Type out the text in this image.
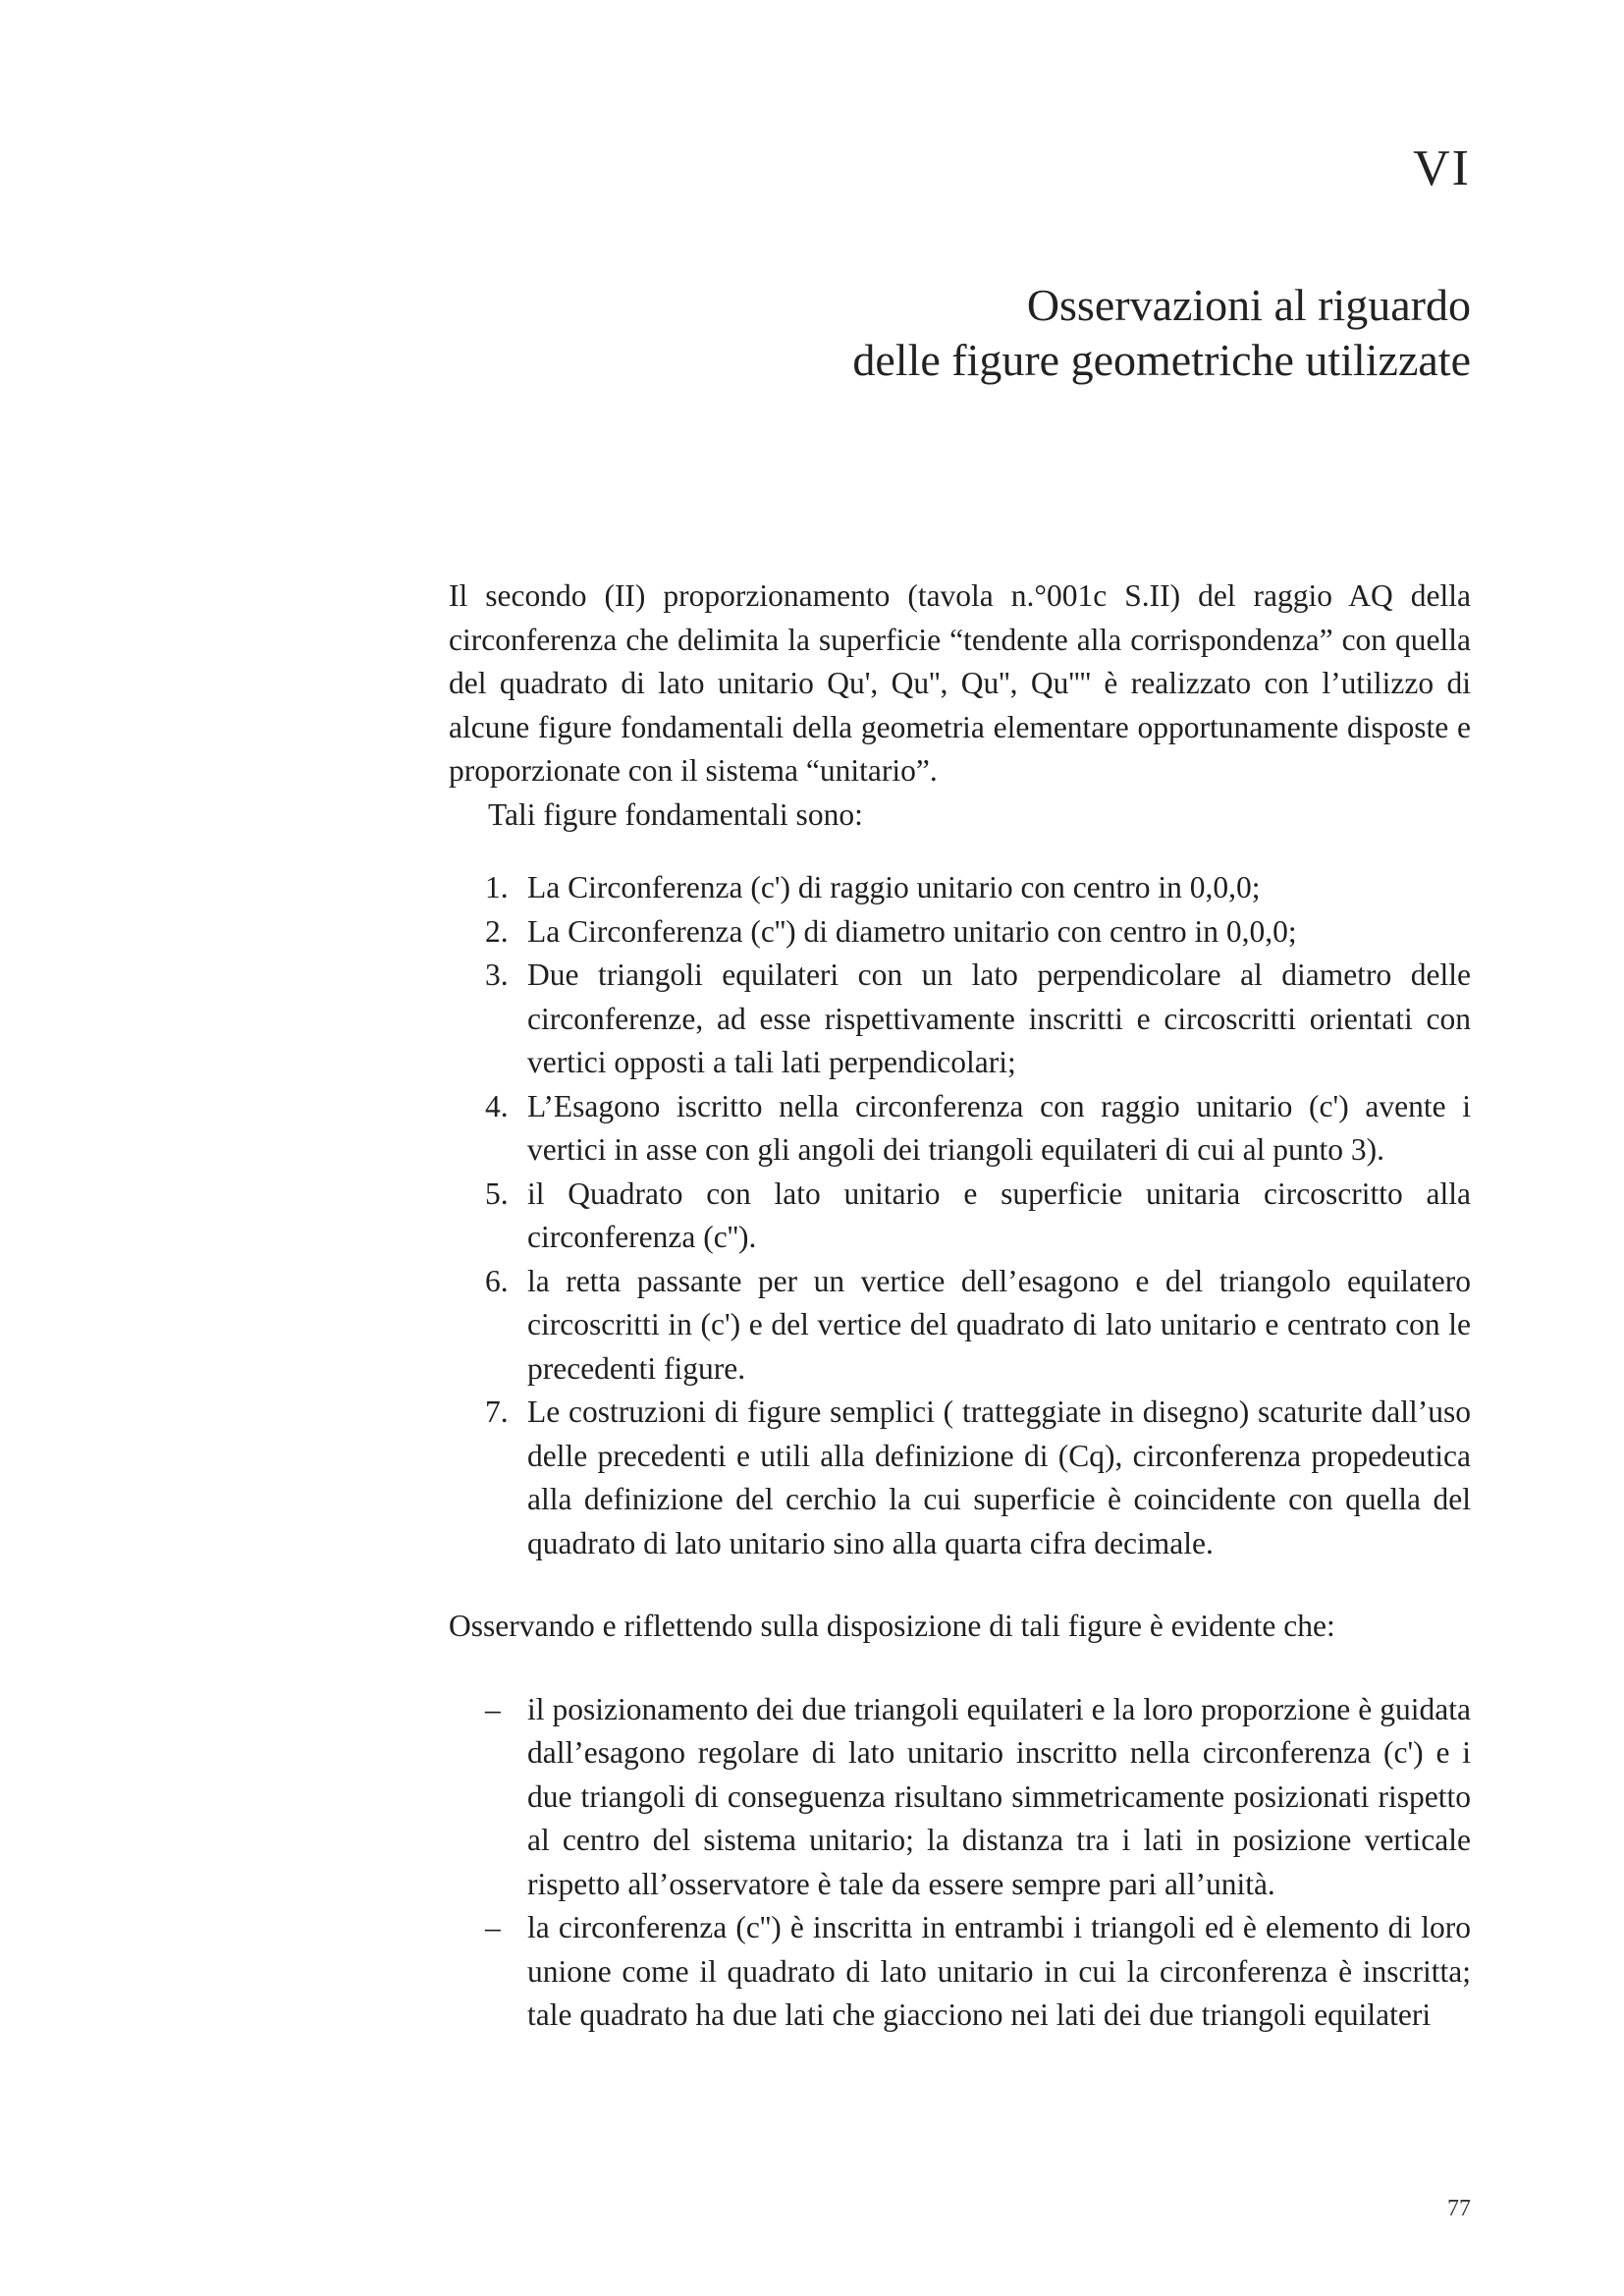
VI
Osservazioni al riguardo
delle figure geometriche utilizzate

Il secondo (II) proporzionamento (tavola n.°001c S.II) del raggio AQ della circonferenza che delimita la superficie “tendente alla corrispondenza” con quella del quadrato di lato unitario Qu', Qu'', Qu'', Qu'''' è realizzato con l’utilizzo di alcune figure fondamentali della geometria elementare opportunamente disposte e proporzionate con il sistema “unitario”.

Tali figure fondamentali sono:

1. La Circonferenza (c') di raggio unitario con centro in 0,0,0;
2. La Circonferenza (c'') di diametro unitario con centro in 0,0,0;
3. Due triangoli equilateri con un lato perpendicolare al diametro delle circonferenze, ad esse rispettivamente inscritti e circoscritti orientati con vertici opposti a tali lati perpendicolari;
4. L’Esagono iscritto nella circonferenza con raggio unitario (c') avente i vertici in asse con gli angoli dei triangoli equilateri di cui al punto 3).
5. il Quadrato con lato unitario e superficie unitaria circoscritto alla circonferenza (c'').
6. la retta passante per un vertice dell’esagono e del triangolo equilatero circoscritti in (c') e del vertice del quadrato di lato unitario e centrato con le precedenti figure.
7. Le costruzioni di figure semplici ( tratteggiate in disegno) scaturite dall’uso delle precedenti e utili alla definizione di (Cq), circonferenza propedeutica alla definizione del cerchio la cui superficie è coincidente con quella del quadrato di lato unitario sino alla quarta cifra decimale.

Osservando e riflettendo sulla disposizione di tali figure è evidente che:

– il posizionamento dei due triangoli equilateri e la loro proporzione è guidata dall’esagono regolare di lato unitario inscritto nella circonferenza (c') e i due triangoli di conseguenza risultano simmetricamente posizionati rispetto al centro del sistema unitario; la distanza tra i lati in posizione verticale rispetto all’osservatore è tale da essere sempre pari all’unità.
– la circonferenza (c'') è inscritta in entrambi i triangoli ed è elemento di loro unione come il quadrato di lato unitario in cui la circonferenza è inscritta; tale quadrato ha due lati che giacciono nei lati dei due triangoli equilateri
77
